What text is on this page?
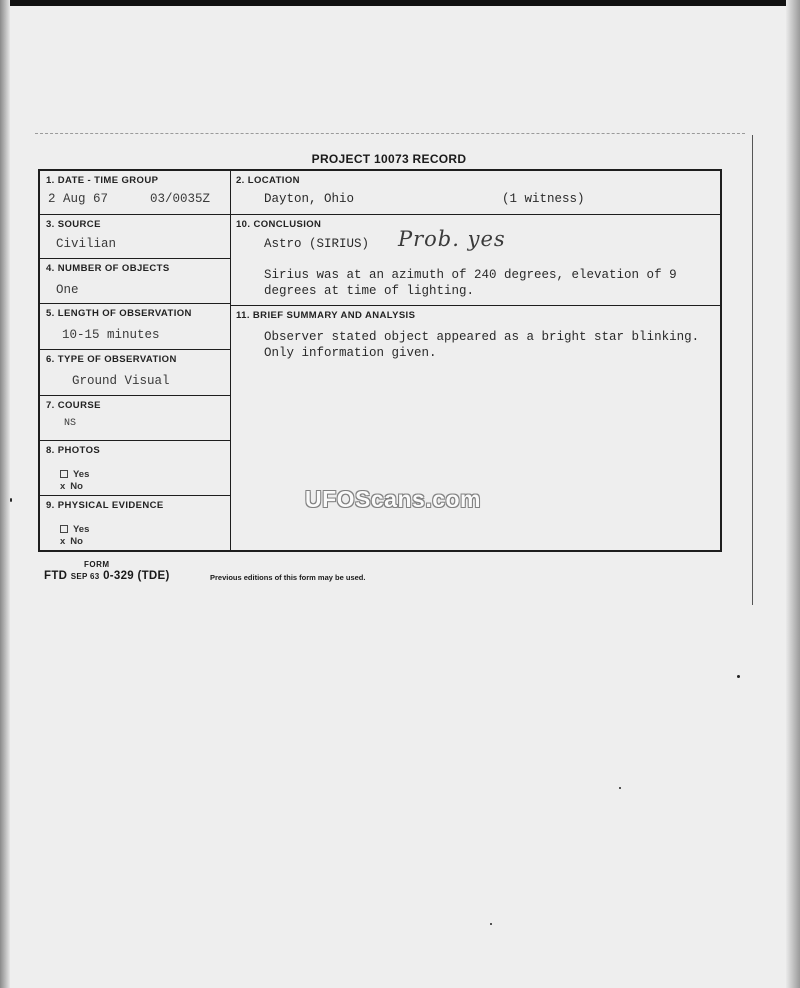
PROJECT 10073 RECORD
1. DATE - TIME GROUP
2 Aug 67	03/0035Z
3. SOURCE
Civilian
4. NUMBER OF OBJECTS
One
5. LENGTH OF OBSERVATION
10-15 minutes
6. TYPE OF OBSERVATION
Ground Visual
7. COURSE
NS
8. PHOTOS
Yes
x No
9. PHYSICAL EVIDENCE
Yes
x No
2. LOCATION
Dayton, Ohio	(1 witness)
10. CONCLUSION
Astro (SIRIUS) Prob. yes
Sirius was at an azimuth of 240 degrees, elevation of 9
degrees at time of lighting.
11. BRIEF SUMMARY AND ANALYSIS
Observer stated object appeared as a bright star blinking.
Only information given.
UFOScans.com
FORM
FTD SEP 63 0-329 (TDE)	Previous editions of this form may be used.
